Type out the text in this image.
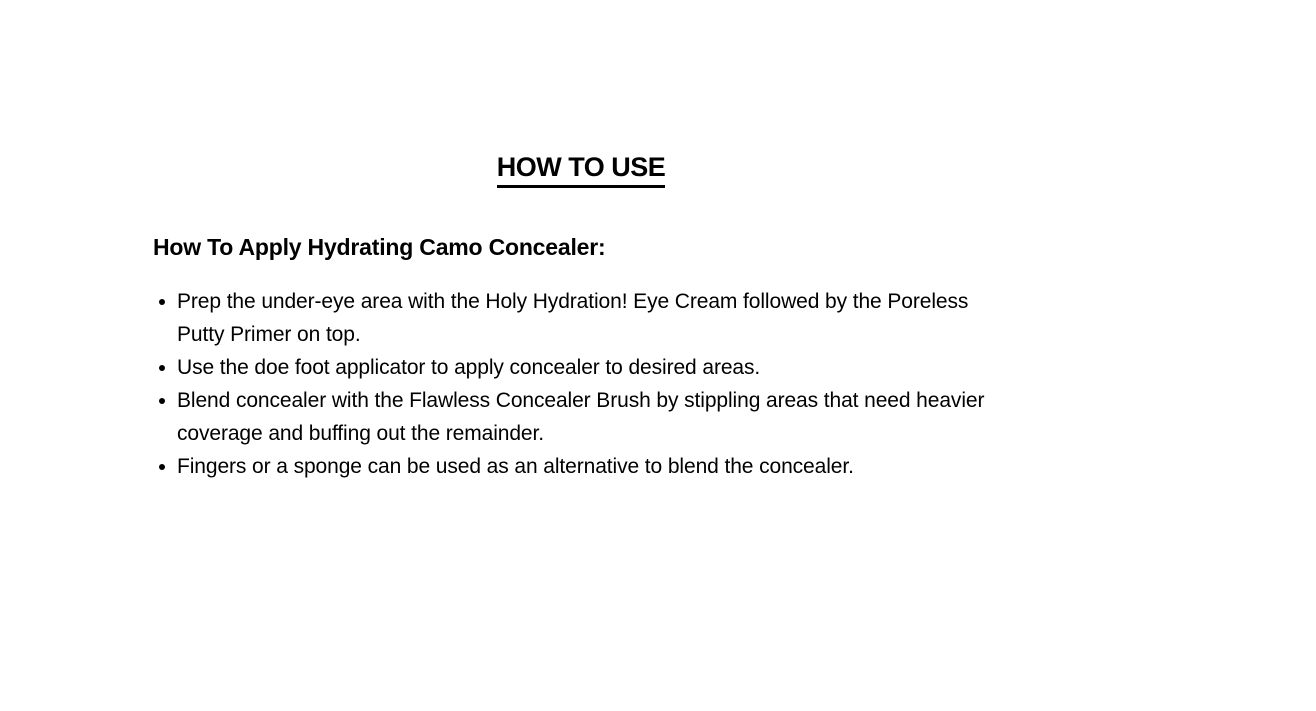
HOW TO USE
How To Apply Hydrating Camo Concealer:
Prep the under-eye area with the Holy Hydration! Eye Cream followed by the Poreless Putty Primer on top.
Use the doe foot applicator to apply concealer to desired areas.
Blend concealer with the Flawless Concealer Brush by stippling areas that need heavier coverage and buffing out the remainder.
Fingers or a sponge can be used as an alternative to blend the concealer.
